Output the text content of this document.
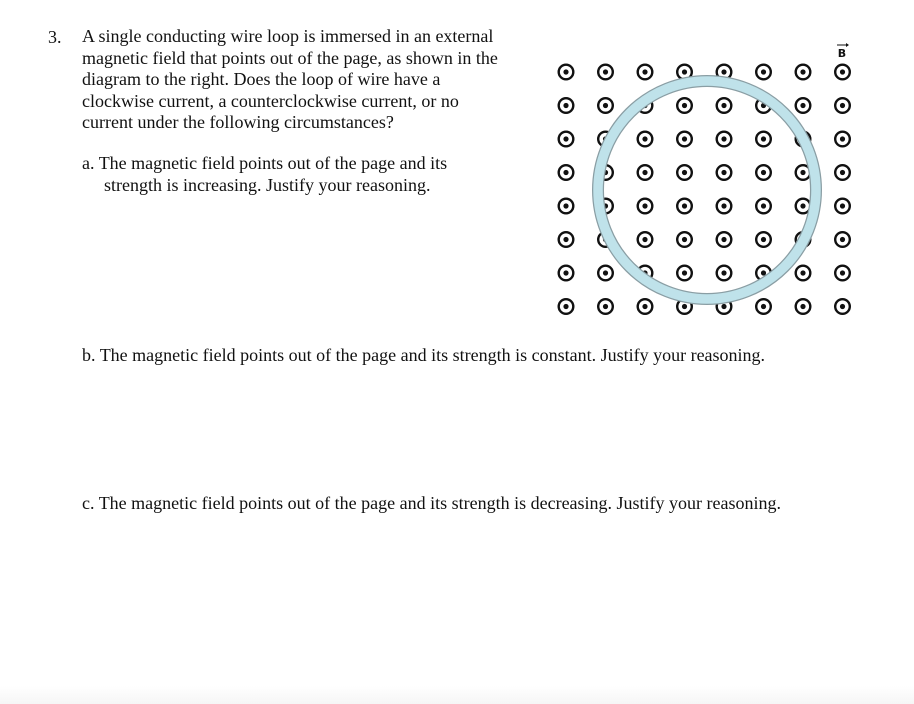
3. A single conducting wire loop is immersed in an external
magnetic field that points out of the page, as shown in the
diagram to the right. Does the loop of wire have a
clockwise current, a counterclockwise current, or no
current under the following circumstances?
a. The magnetic field points out of the page and its
strength is increasing. Justify your reasoning.
b. The magnetic field points out of the page and its strength is constant. Justify your reasoning.
c. The magnetic field points out of the page and its strength is decreasing. Justify your reasoning.
B
